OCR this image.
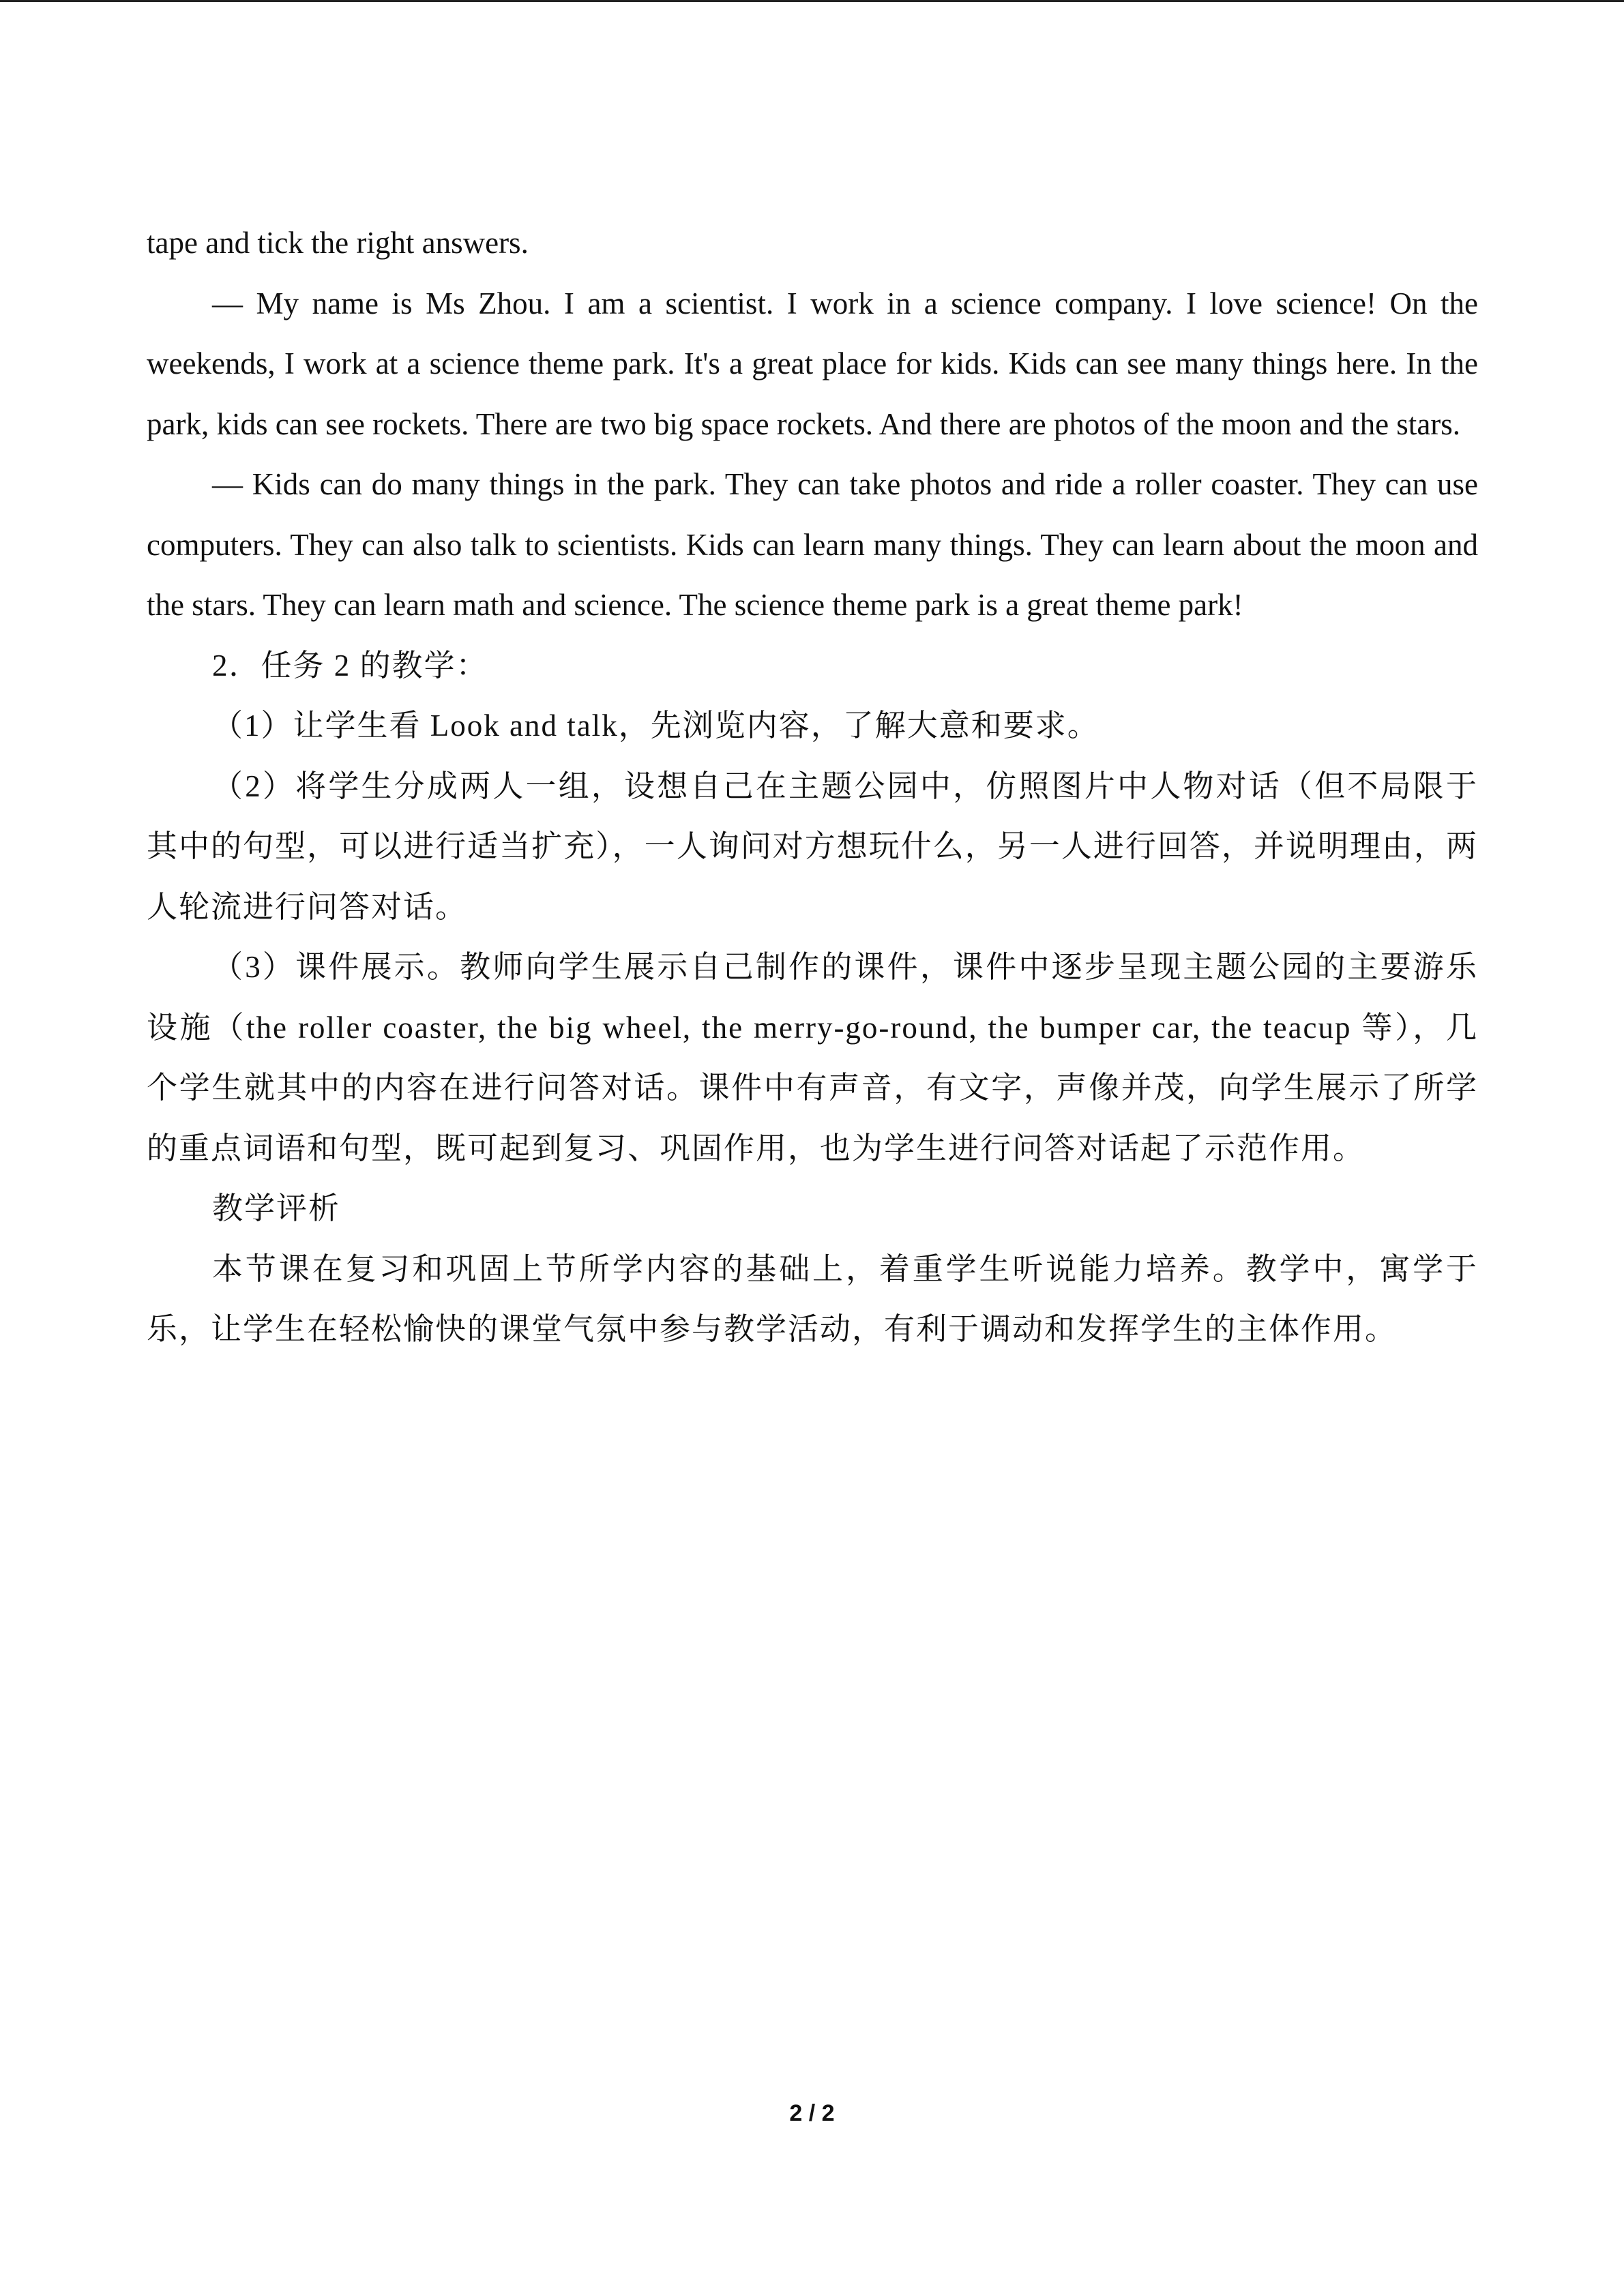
tape and tick the right answers.

— My name is Ms Zhou. I am a scientist. I work in a science company. I love science! On the weekends, I work at a science theme park. It's a great place for kids. Kids can see many things here. In the park, kids can see rockets. There are two big space rockets. And there are photos of the moon and the stars.

— Kids can do many things in the park. They can take photos and ride a roller coaster. They can use computers. They can also talk to scientists. Kids can learn many things. They can learn about the moon and the stars. They can learn math and science. The science theme park is a great theme park!

2．任务 2 的教学：

（1）让学生看 Look and talk，先浏览内容，了解大意和要求。

（2）将学生分成两人一组，设想自己在主题公园中，仿照图片中人物对话（但不局限于其中的句型，可以进行适当扩充），一人询问对方想玩什么，另一人进行回答，并说明理由，两人轮流进行问答对话。

（3）课件展示。教师向学生展示自己制作的课件，课件中逐步呈现主题公园的主要游乐设施（the roller coaster, the big wheel, the merry-go-round, the bumper car, the teacup 等），几个学生就其中的内容在进行问答对话。课件中有声音，有文字，声像并茂，向学生展示了所学的重点词语和句型，既可起到复习、巩固作用，也为学生进行问答对话起了示范作用。

教学评析

本节课在复习和巩固上节所学内容的基础上，着重学生听说能力培养。教学中，寓学于乐，让学生在轻松愉快的课堂气氛中参与教学活动，有利于调动和发挥学生的主体作用。

2 / 2
